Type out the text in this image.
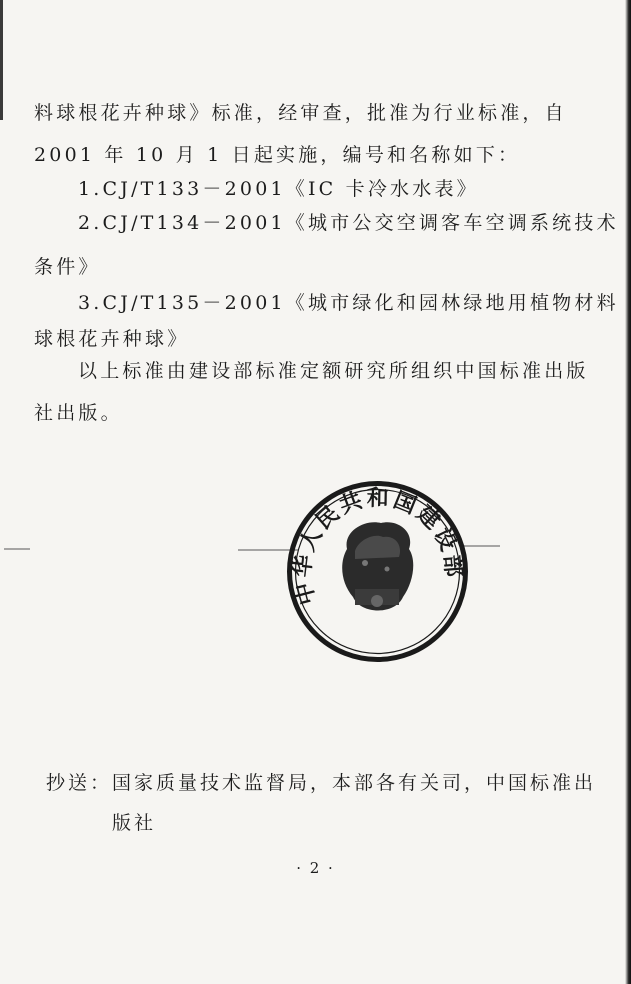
料球根花卉种球》标准，经审查，批准为行业标准，自
2001 年 10 月 1 日起实施，编号和名称如下：
1.CJ/T133－2001《IC 卡冷水水表》
2.CJ/T134－2001《城市公交空调客车空调系统技术
条件》
3.CJ/T135－2001《城市绿化和园林绿地用植物材料
球根花卉种球》
以上标准由建设部标准定额研究所组织中国标准出版
社出版。
中华人民共和国建设部
抄送： 国家质量技术监督局，本部各有关司，中国标准出
版社
· 2 ·
